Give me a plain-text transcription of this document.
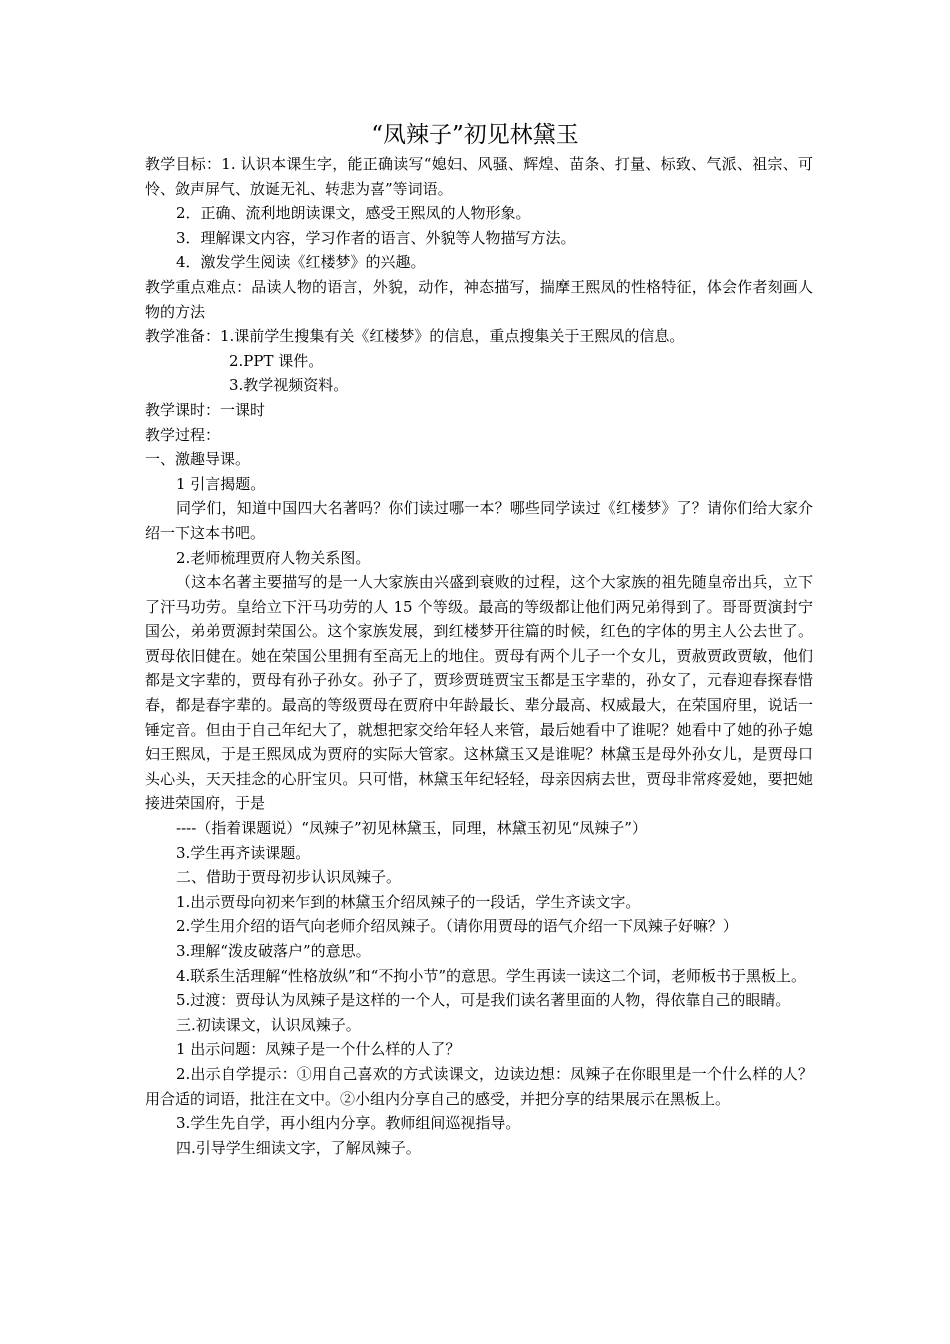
“凤辣子”初见林黛玉

教学目标：1. 认识本课生字，能正确读写“媳妇、风骚、辉煌、苗条、打量、标致、气派、祖宗、可怜、敛声屏气、放诞无礼、转悲为喜”等词语。

2．正确、流利地朗读课文，感受王熙凤的人物形象。

3．理解课文内容，学习作者的语言、外貌等人物描写方法。

4．激发学生阅读《红楼梦》的兴趣。

教学重点难点：品读人物的语言，外貌，动作，神态描写，揣摩王熙凤的性格特征，体会作者刻画人物的方法

教学准备：1.课前学生搜集有关《红楼梦》的信息，重点搜集关于王熙凤的信息。

2.PPT 课件。

3.教学视频资料。

教学课时：一课时

教学过程：

一、激趣导课。

1 引言揭题。

同学们，知道中国四大名著吗？你们读过哪一本？哪些同学读过《红楼梦》了？请你们给大家介绍一下这本书吧。

2.老师梳理贾府人物关系图。

（这本名著主要描写的是一人大家族由兴盛到衰败的过程，这个大家族的祖先随皇帝出兵，立下了汗马功劳。皇给立下汗马功劳的人 15 个等级。最高的等级都让他们两兄弟得到了。哥哥贾演封宁国公，弟弟贾源封荣国公。这个家族发展，到红楼梦开往篇的时候，红色的字体的男主人公去世了。贾母依旧健在。她在荣国公里拥有至高无上的地住。贾母有两个儿子一个女儿，贾赦贾政贾敏，他们都是文字辈的，贾母有孙子孙女。孙子了，贾珍贾琏贾宝玉都是玉字辈的，孙女了，元春迎春探春惜春，都是春字辈的。最高的等级贾母在贾府中年龄最长、辈分最高、权威最大，在荣国府里，说话一锤定音。但由于自己年纪大了，就想把家交给年轻人来管，最后她看中了谁呢？她看中了她的孙子媳妇王熙凤，于是王熙凤成为贾府的实际大管家。这林黛玉又是谁呢？林黛玉是母外孙女儿，是贾母口头心头，天天挂念的心肝宝贝。只可惜，林黛玉年纪轻轻，母亲因病去世，贾母非常疼爱她，要把她接进荣国府，于是

----（指着课题说）“凤辣子”初见林黛玉，同理，林黛玉初见“凤辣子”）

3.学生再齐读课题。

二、借助于贾母初步认识凤辣子。

1.出示贾母向初来乍到的林黛玉介绍凤辣子的一段话，学生齐读文字。

2.学生用介绍的语气向老师介绍凤辣子。（请你用贾母的语气介绍一下凤辣子好嘛？）

3.理解“泼皮破落户”的意思。

4.联系生活理解“性格放纵”和“不拘小节”的意思。学生再读一读这二个词，老师板书于黑板上。

5.过渡：贾母认为凤辣子是这样的一个人，可是我们读名著里面的人物，得依靠自己的眼睛。

三.初读课文，认识凤辣子。

1 出示问题：凤辣子是一个什么样的人了？

2.出示自学提示：①用自己喜欢的方式读课文，边读边想：凤辣子在你眼里是一个什么样的人？用合适的词语，批注在文中。②小组内分享自己的感受，并把分享的结果展示在黑板上。

3.学生先自学，再小组内分享。教师组间巡视指导。

四.引导学生细读文字，了解凤辣子。
